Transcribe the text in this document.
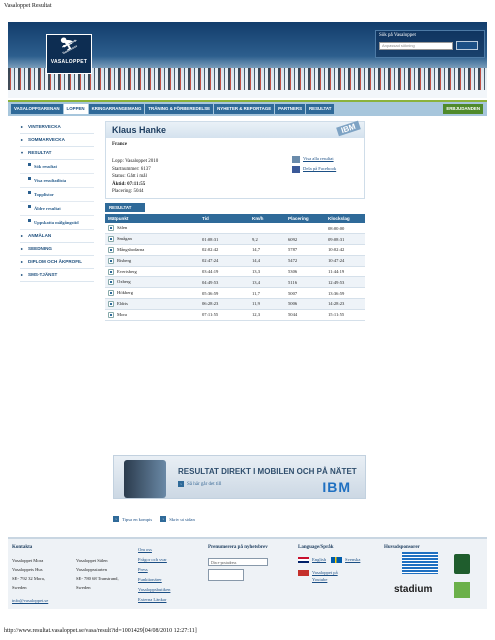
Vasaloppet Resultat
⛷
VASALOPPET
Sök på Vasaloppet
Anpassad sökning
VASALOPPSARENAN	LOPPEN	KRINGARRANGEMANG	TRÄNING & FÖRBEREDELSE	NYHETER & REPORTAGE	PARTNERS	RESULTAT	ERBJUDANDEN
▸ VINTERVECKA
▸ SOMMARVECKA
▾ RESULTAT
Sök resultat
Visa resultatlista
Topplistor
Äldre resultat
Uppskatta målgångstid
▸ ANMÄLAN
▸ SEEDNING
▸ DIPLOM OCH ÅKPROFIL
▸ SMS-TJÄNST
Klaus Hanke	IBM
France
Lopp: Vasaloppet 2010
Startnummer: 6137
Status: Gått i mål
Åktid: 07:11:55
Placering: 5044
Visa alla resultat
Dela på Facebook
RESULTAT
Mätpunkt	Tid	Km/h	Placering	Klockslag
Sälen				08:00:00
Smågan	01:08:31	9,2	6092	09:08:31
Mångsbodarna	02:02:42	14,7	5787	10:02:42
Risberg	02:47:24	14,4	5472	10:47:24
Evertsberg	03:44:19	13,3	5306	11:44:19
Oxberg	04:49:53	13,4	5116	12:49:53
Hökberg	05:36:59	11,7	5007	13:36:59
Eldris	06:28:23	11,9	5006	14:28:23
Mora	07:11:55	12,3	5044	15:11:55
RESULTAT DIREKT I MOBILEN OCH PÅ NÄTET
›	Så här går det till	IBM
›	Tipsa en kompis	›	Skriv ut sidan
Kontakta
Vasaloppet Mora
Vasaloppets Hus
SE- 792 32 Mora,
Sweden
info@vasaloppet.se
Vasaloppet Sälen
Vasaloppsstarten
SE- 780 68 Transtrand,
Sweden
Om oss
Frågor och svar
Press
Funktionärer
Vasaloppsbutiken
Externa Länkar
Prenumerera på nyhetsbrev
Din e-postadress
Language/Språk
English	Svenska
Vasaloppet på Youtube
Huvudsponsorer
stadium
http://www.resultat.vasaloppet.se/vasa/result?id=1001429[04/08/2010 12:27:11]
